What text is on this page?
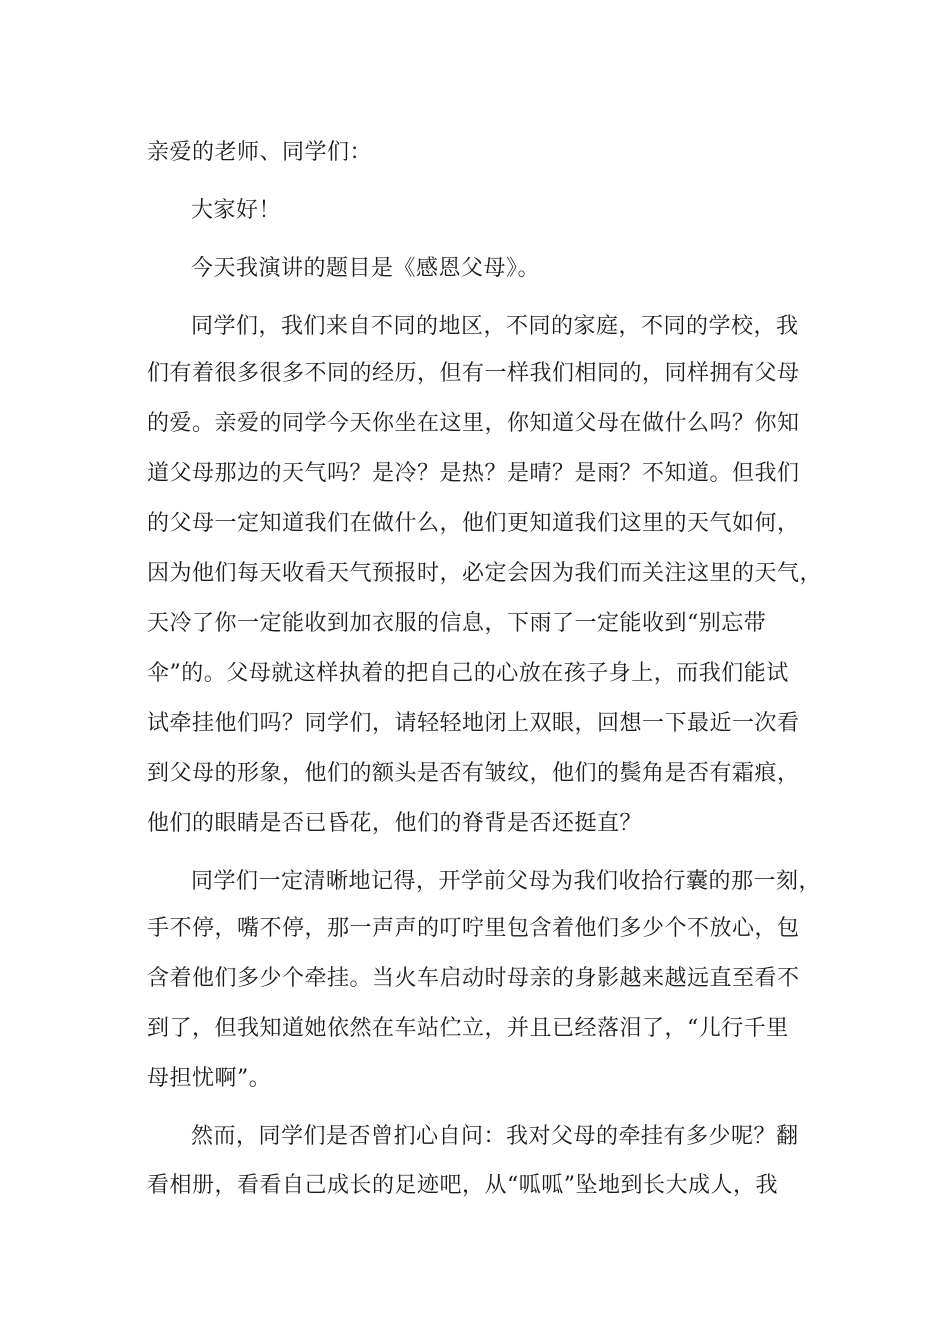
亲爱的老师、同学们：

大家好！

今天我演讲的题目是《感恩父母》。

同学们，我们来自不同的地区，不同的家庭，不同的学校，我

们有着很多很多不同的经历，但有一样我们相同的，同样拥有父母

的爱。亲爱的同学今天你坐在这里，你知道父母在做什么吗？你知

道父母那边的天气吗？是冷？是热？是晴？是雨？不知道。但我们

的父母一定知道我们在做什么，他们更知道我们这里的天气如何，

因为他们每天收看天气预报时，必定会因为我们而关注这里的天气，

天冷了你一定能收到加衣服的信息，下雨了一定能收到“别忘带

伞”的。父母就这样执着的把自己的心放在孩子身上，而我们能试

试牵挂他们吗？同学们，请轻轻地闭上双眼，回想一下最近一次看

到父母的形象，他们的额头是否有皱纹，他们的鬓角是否有霜痕，

他们的眼睛是否已昏花，他们的脊背是否还挺直？

同学们一定清晰地记得，开学前父母为我们收拾行囊的那一刻，

手不停，嘴不停，那一声声的叮咛里包含着他们多少个不放心，包

含着他们多少个牵挂。当火车启动时母亲的身影越来越远直至看不

到了，但我知道她依然在车站伫立，并且已经落泪了，“儿行千里

母担忧啊”。

然而，同学们是否曾扪心自问：我对父母的牵挂有多少呢？翻

看相册，看看自己成长的足迹吧，从“呱呱”坠地到长大成人，我
